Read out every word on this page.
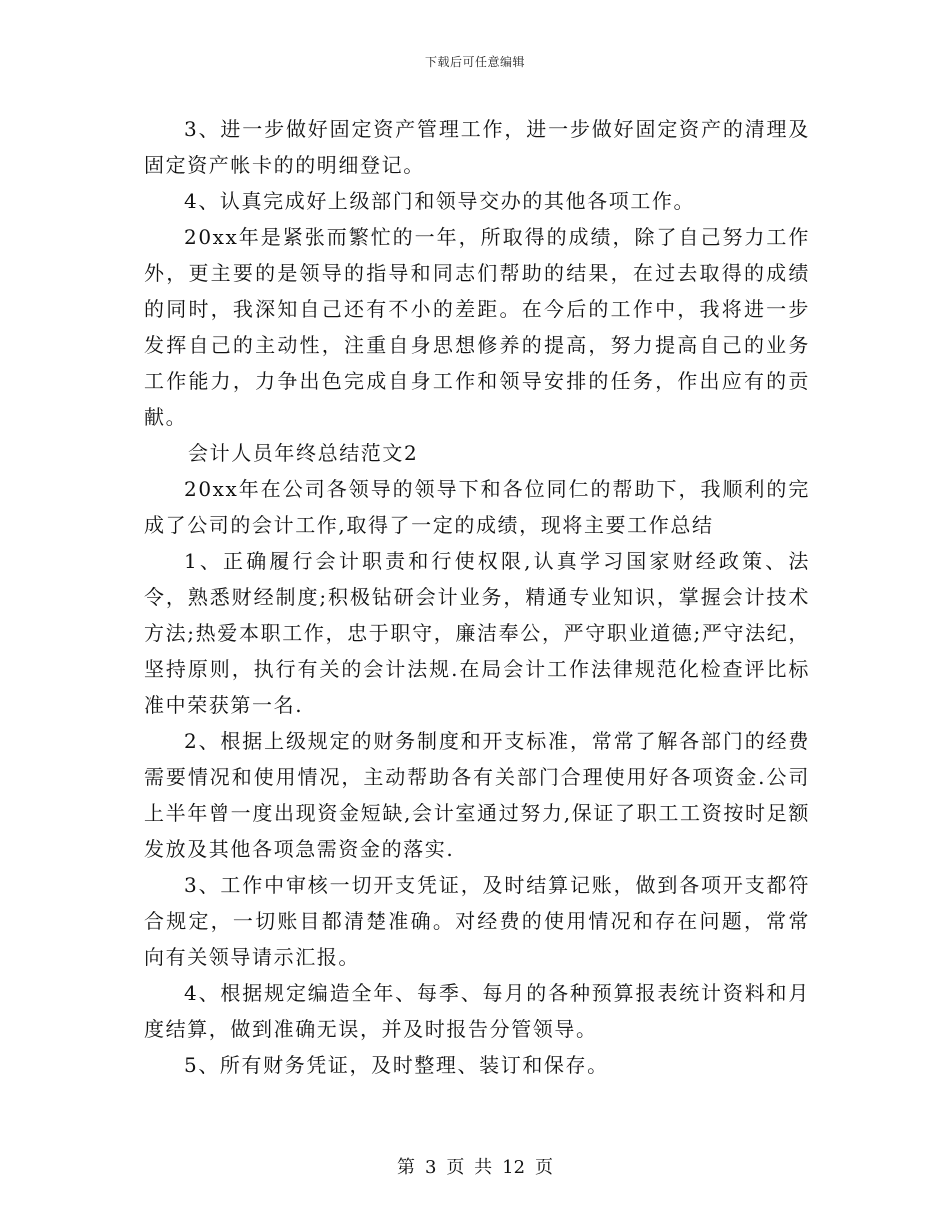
下载后可任意编辑

3、进一步做好固定资产管理工作，进一步做好固定资产的清理及固定资产帐卡的的明细登记。

4、认真完成好上级部门和领导交办的其他各项工作。

20xx年是紧张而繁忙的一年，所取得的成绩，除了自己努力工作外，更主要的是领导的指导和同志们帮助的结果，在过去取得的成绩的同时，我深知自己还有不小的差距。在今后的工作中，我将进一步发挥自己的主动性，注重自身思想修养的提高，努力提高自己的业务工作能力，力争出色完成自身工作和领导安排的任务，作出应有的贡献。

会计人员年终总结范文2

20xx年在公司各领导的领导下和各位同仁的帮助下，我顺利的完成了公司的会计工作,取得了一定的成绩，现将主要工作总结

1、正确履行会计职责和行使权限,认真学习国家财经政策、法令，熟悉财经制度;积极钻研会计业务，精通专业知识，掌握会计技术方法;热爱本职工作，忠于职守，廉洁奉公，严守职业道德;严守法纪，坚持原则，执行有关的会计法规.在局会计工作法律规范化检查评比标准中荣获第一名.

2、根据上级规定的财务制度和开支标准，常常了解各部门的经费需要情况和使用情况，主动帮助各有关部门合理使用好各项资金.公司上半年曾一度出现资金短缺,会计室通过努力,保证了职工工资按时足额发放及其他各项急需资金的落实.

3、工作中审核一切开支凭证，及时结算记账，做到各项开支都符合规定，一切账目都清楚准确。对经费的使用情况和存在问题，常常向有关领导请示汇报。

4、根据规定编造全年、每季、每月的各种预算报表统计资料和月度结算，做到准确无误，并及时报告分管领导。

5、所有财务凭证，及时整理、装订和保存。

第 3 页 共 12 页
